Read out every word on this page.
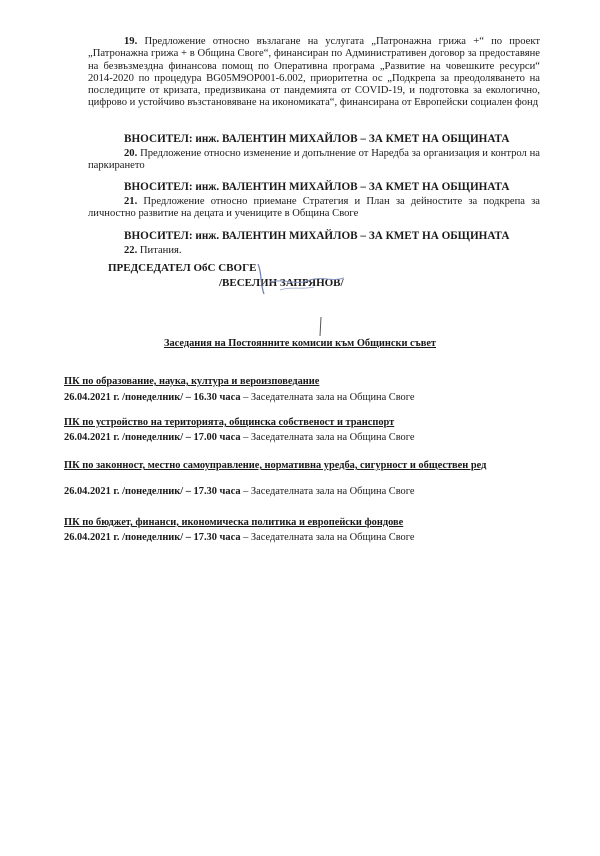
19. Предложение относно възлагане на услугата „Патронажна грижа +“ по проект „Патронажна грижа + в Община Своге“, финансиран по Административен договор за предоставяне на безвъзмездна финансова помощ по Оперативна програма „Развитие на човешките ресурси“ 2014-2020 по процедура BG05M9OP001-6.002, приоритетна ос „Подкрепа за преодоляването на последиците от кризата, предизвикана от пандемията от COVID-19, и подготовка за екологично, цифрово и устойчиво възстановяване на икономиката“, финансирана от Европейски социален фонд
ВНОСИТЕЛ: инж. ВАЛЕНТИН МИХАЙЛОВ – ЗА КМЕТ НА ОБЩИНАТА
20. Предложение относно изменение и допълнение от Наредба за организация и контрол на паркирането
ВНОСИТЕЛ: инж. ВАЛЕНТИН МИХАЙЛОВ – ЗА КМЕТ НА ОБЩИНАТА
21. Предложение относно приемане Стратегия и План за дейностите за подкрепа за личностно развитие на децата и учениците в Община Своге
ВНОСИТЕЛ: инж. ВАЛЕНТИН МИХАЙЛОВ – ЗА КМЕТ НА ОБЩИНАТА
22. Питания.
ПРЕДСЕДАТЕЛ ОбС СВОГЕ
/ВЕСЕЛИН ЗАПРЯНОВ/
Заседания на Постоянните комисии към Общински съвет
ПК по образование, наука, култура и вероизповедание
26.04.2021 г. /понеделник/ – 16.30 часа – Заседателната зала на Община Своге
ПК по устройство на територията, общинска собственост и транспорт
26.04.2021 г. /понеделник/ – 17.00 часа – Заседателната зала на Община Своге
ПК по законност, местно самоуправление, нормативна уредба, сигурност и обществен ред
26.04.2021 г. /понеделник/ – 17.30 часа – Заседателната зала на Община Своге
ПК по бюджет, финанси, икономическа политика и европейски фондове
26.04.2021 г. /понеделник/ – 17.30 часа – Заседателната зала на Община Своге
